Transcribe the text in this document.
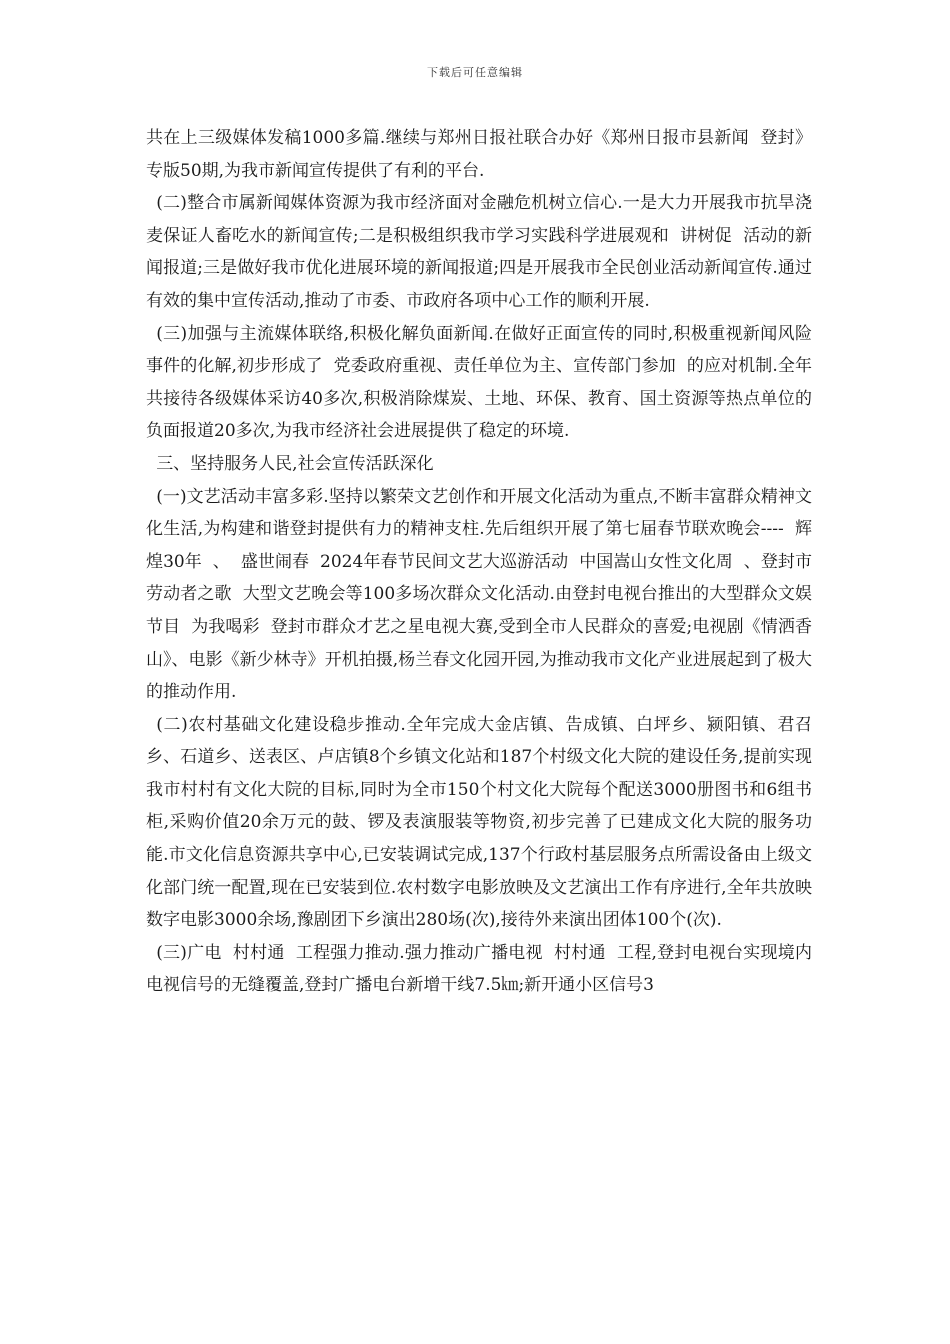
下载后可任意编辑

共在上三级媒体发稿1000多篇.继续与郑州日报社联合办好《郑州日报市县新闻  登封》专版50期,为我市新闻宣传提供了有利的平台.

(二)整合市属新闻媒体资源为我市经济面对金融危机树立信心.一是大力开展我市抗旱浇麦保证人畜吃水的新闻宣传;二是积极组织我市学习实践科学进展观和  讲树促  活动的新闻报道;三是做好我市优化进展环境的新闻报道;四是开展我市全民创业活动新闻宣传.通过有效的集中宣传活动,推动了市委、市政府各项中心工作的顺利开展.

(三)加强与主流媒体联络,积极化解负面新闻.在做好正面宣传的同时,积极重视新闻风险事件的化解,初步形成了  党委政府重视、责任单位为主、宣传部门参加  的应对机制.全年共接待各级媒体采访40多次,积极消除煤炭、土地、环保、教育、国土资源等热点单位的负面报道20多次,为我市经济社会进展提供了稳定的环境.

三、坚持服务人民,社会宣传活跃深化

(一)文艺活动丰富多彩.坚持以繁荣文艺创作和开展文化活动为重点,不断丰富群众精神文化生活,为构建和谐登封提供有力的精神支柱.先后组织开展了第七届春节联欢晚会----  辉煌30年  、  盛世闹春  2024年春节民间文艺大巡游活动  中国嵩山女性文化周  、登封市  劳动者之歌  大型文艺晚会等100多场次群众文化活动.由登封电视台推出的大型群众文娱节目  为我喝彩  登封市群众才艺之星电视大赛,受到全市人民群众的喜爱;电视剧《情洒香山》、电影《新少林寺》开机拍摄,杨兰春文化园开园,为推动我市文化产业进展起到了极大的推动作用.

(二)农村基础文化建设稳步推动.全年完成大金店镇、告成镇、白坪乡、颍阳镇、君召乡、石道乡、送表区、卢店镇8个乡镇文化站和187个村级文化大院的建设任务,提前实现我市村村有文化大院的目标,同时为全市150个村文化大院每个配送3000册图书和6组书柜,采购价值20余万元的鼓、锣及表演服装等物资,初步完善了已建成文化大院的服务功能.市文化信息资源共享中心,已安装调试完成,137个行政村基层服务点所需设备由上级文化部门统一配置,现在已安装到位.农村数字电影放映及文艺演出工作有序进行,全年共放映数字电影3000余场,豫剧团下乡演出280场(次),接待外来演出团体100个(次).

(三)广电  村村通  工程强力推动.强力推动广播电视  村村通  工程,登封电视台实现境内电视信号的无缝覆盖,登封广播电台新增干线7.5㎞;新开通小区信号3
